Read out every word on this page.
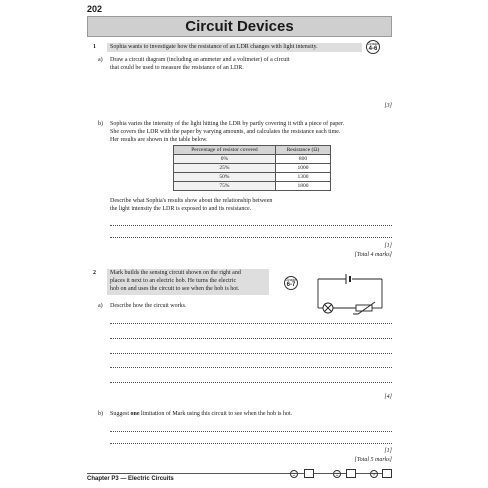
202
Circuit Devices
1 Sophia wants to investigate how the resistance of an LDR changes with light intensity.
Grade
4-6
a) Draw a circuit diagram (including an ammeter and a voltmeter) of a circuit
that could be used to measure the resistance of an LDR.
[3]
b) Sophia varies the intensity of the light hitting the LDR by partly covering it with a piece of paper.
She covers the LDR with the paper by varying amounts, and calculates the resistance each time.
Her results are shown in the table below.
Percentage of resistor covered	Resistance (Ω)
0%	800
25%	1000
50%	1300
75%	1800
Describe what Sophia's results show about the relationship between
the light intensity the LDR is exposed to and its resistance.
[1]
[Total 4 marks]
2 Mark builds the sensing circuit shown on the right and
places it next to an electric hob. He turns the electric
hob on and uses the circuit to see when the hob is hot.
Grade
6-7
a) Describe how the circuit works.
[4]
b) Suggest one limitation of Mark using this circuit to see when the hob is hot.
[1]
[Total 5 marks]
Chapter P3 — Electric Circuits
